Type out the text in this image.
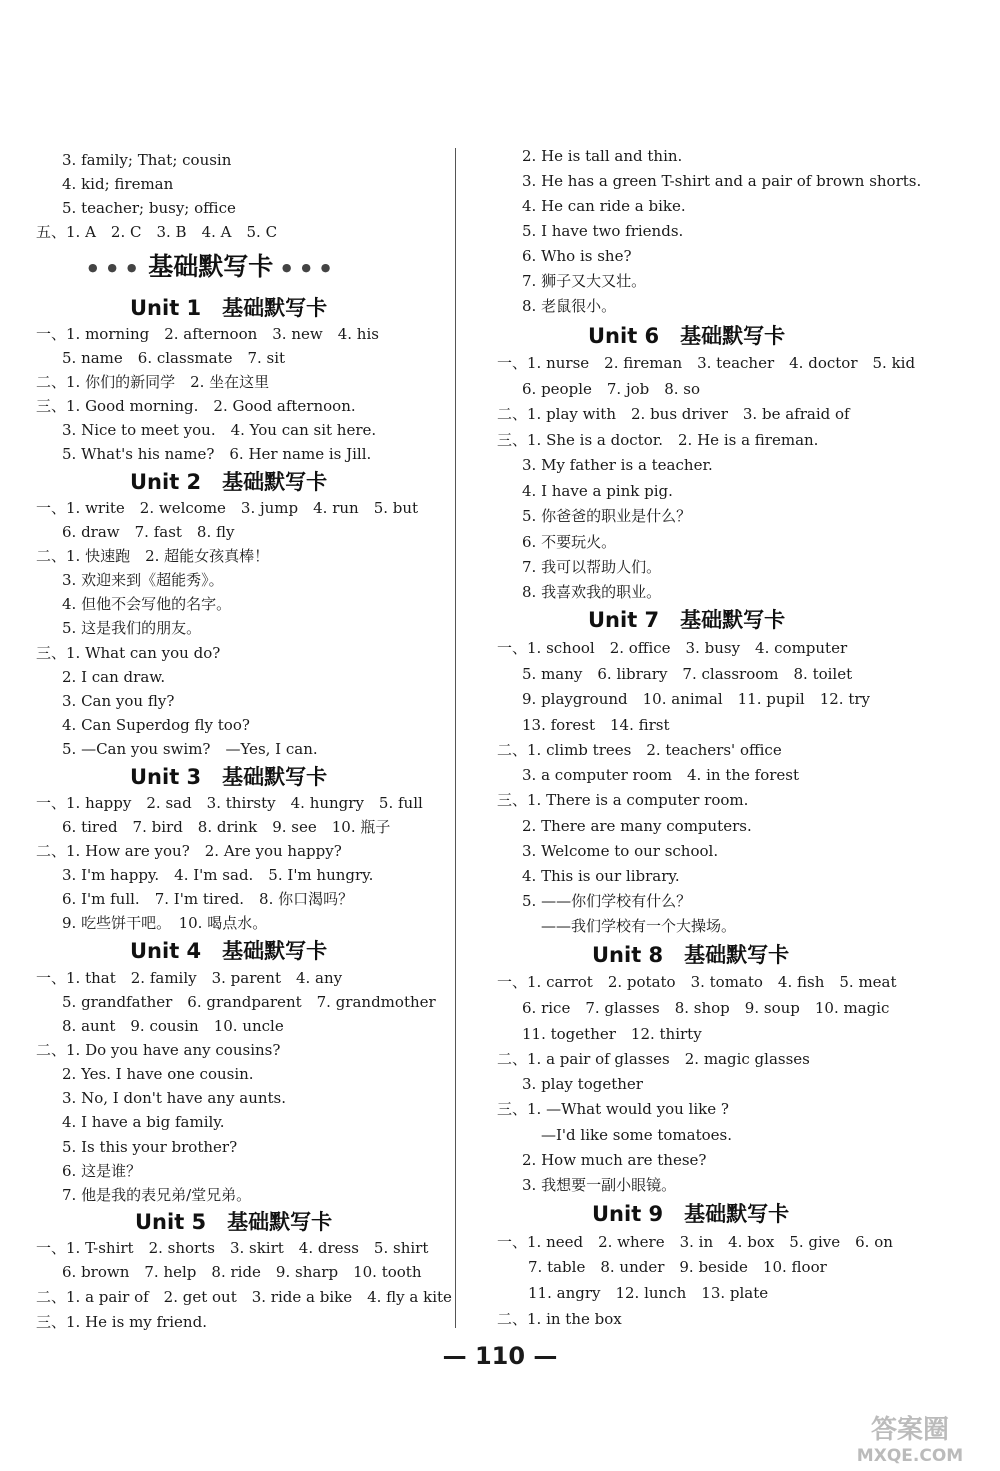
3. family; That; cousin
4. kid; fireman
5. teacher; busy; office
五、1. A　2. C　3. B　4. A　5. C
● ● ● 基础默写卡 ● ● ●
Unit 1　基础默写卡
一、1. morning　2. afternoon　3. new　4. his
5. name　6. classmate　7. sit
二、1. 你们的新同学　2. 坐在这里
三、1. Good morning.　2. Good afternoon.
3. Nice to meet you.　4. You can sit here.
5. What's his name?　6. Her name is Jill.
Unit 2　基础默写卡
一、1. write　2. welcome　3. jump　4. run　5. but
6. draw　7. fast　8. fly
二、1. 快速跑　2. 超能女孩真棒！
3. 欢迎来到《超能秀》。
4. 但他不会写他的名字。
5. 这是我们的朋友。
三、1. What can you do?
2. I can draw.
3. Can you fly?
4. Can Superdog fly too?
5. —Can you swim?　—Yes, I can.
Unit 3　基础默写卡
一、1. happy　2. sad　3. thirsty　4. hungry　5. full
6. tired　7. bird　8. drink　9. see　10. 瓶子
二、1. How are you?　2. Are you happy?
3. I'm happy.　4. I'm sad.　5. I'm hungry.
6. I'm full.　7. I'm tired.　8. 你口渴吗？
9. 吃些饼干吧。　10. 喝点水。
Unit 4　基础默写卡
一、1. that　2. family　3. parent　4. any
5. grandfather　6. grandparent　7. grandmother
8. aunt　9. cousin　10. uncle
二、1. Do you have any cousins?
2. Yes. I have one cousin.
3. No, I don't have any aunts.
4. I have a big family.
5. Is this your brother?
6. 这是谁？
7. 他是我的表兄弟/堂兄弟。
Unit 5　基础默写卡
一、1. T-shirt　2. shorts　3. skirt　4. dress　5. shirt
6. brown　7. help　8. ride　9. sharp　10. tooth
二、1. a pair of　2. get out　3. ride a bike　4. fly a kite
三、1. He is my friend.
2. He is tall and thin.
3. He has a green T-shirt and a pair of brown shorts.
4. He can ride a bike.
5. I have two friends.
6. Who is she?
7. 狮子又大又壮。
8. 老鼠很小。
Unit 6　基础默写卡
一、1. nurse　2. fireman　3. teacher　4. doctor　5. kid
6. people　7. job　8. so
二、1. play with　2. bus driver　3. be afraid of
三、1. She is a doctor.　2. He is a fireman.
3. My father is a teacher.
4. I have a pink pig.
5. 你爸爸的职业是什么？
6. 不要玩火。
7. 我可以帮助人们。
8. 我喜欢我的职业。
Unit 7　基础默写卡
一、1. school　2. office　3. busy　4. computer
5. many　6. library　7. classroom　8. toilet
9. playground　10. animal　11. pupil　12. try
13. forest　14. first
二、1. climb trees　2. teachers' office
3. a computer room　4. in the forest
三、1. There is a computer room.
2. There are many computers.
3. Welcome to our school.
4. This is our library.
5. ——你们学校有什么？
——我们学校有一个大操场。
Unit 8　基础默写卡
一、1. carrot　2. potato　3. tomato　4. fish　5. meat
6. rice　7. glasses　8. shop　9. soup　10. magic
11. together　12. thirty
二、1. a pair of glasses　2. magic glasses
3. play together
三、1. —What would you like ?
—I'd like some tomatoes.
2. How much are these?
3. 我想要一副小眼镜。
Unit 9　基础默写卡
一、1. need　2. where　3. in　4. box　5. give　6. on
7. table　8. under　9. beside　10. floor
11. angry　12. lunch　13. plate
二、1. in the box
— 110 —
答案圈
MXQE.COM
